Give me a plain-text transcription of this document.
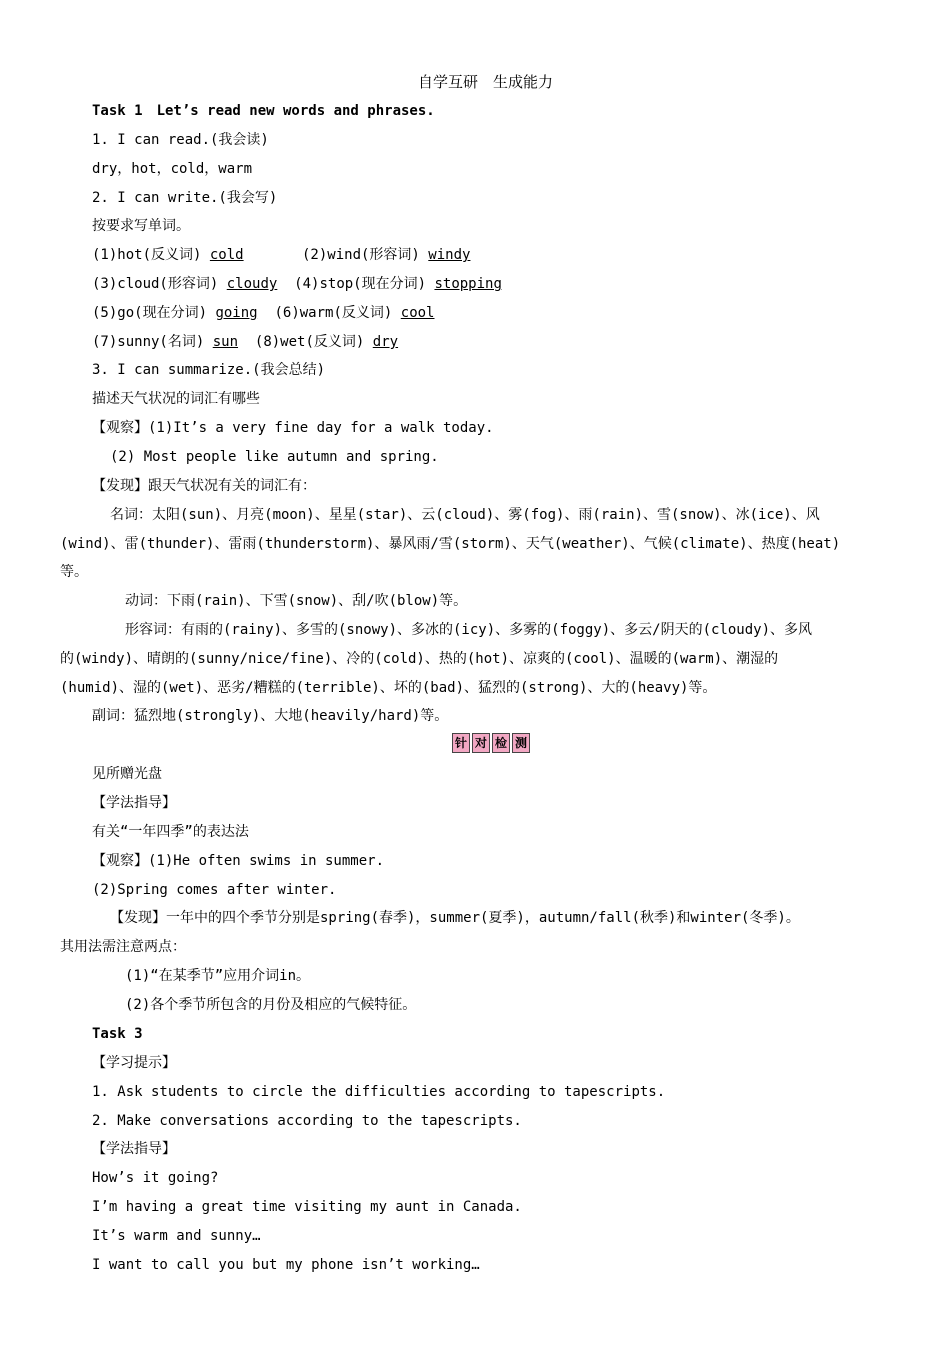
自学互研　生成能力
Task 1　Let’s read new words and phrases.
1. I can read.(我会读)
dry，hot，cold，warm
2. I can write.(我会写)
按要求写单词。
(1)hot(反义词) cold	(2)wind(形容词) windy
(3)cloud(形容词) cloudy (4)stop(现在分词) stopping
(5)go(现在分词) going (6)warm(反义词) cool
(7)sunny(名词) sun (8)wet(反义词) dry
3. I can summarize.(我会总结)
描述天气状况的词汇有哪些
【观察】(1)It’s a very fine day for a walk today.
(2) Most people like autumn and spring.
【发现】跟天气状况有关的词汇有：
名词：太阳(sun)、月亮(moon)、星星(star)、云(cloud)、雾(fog)、雨(rain)、雪(snow)、冰(ice)、风
(wind)、雷(thunder)、雷雨(thunderstorm)、暴风雨/雪(storm)、天气(weather)、气候(climate)、热度(heat)
等。
动词：下雨(rain)、下雪(snow)、刮/吹(blow)等。
形容词：有雨的(rainy)、多雪的(snowy)、多冰的(icy)、多雾的(foggy)、多云/阴天的(cloudy)、多风
的(windy)、晴朗的(sunny/nice/fine)、冷的(cold)、热的(hot)、凉爽的(cool)、温暖的(warm)、潮湿的
(humid)、湿的(wet)、恶劣/糟糕的(terrible)、坏的(bad)、猛烈的(strong)、大的(heavy)等。
副词：猛烈地(strongly)、大地(heavily/hard)等。
针 对 检 测
见所赠光盘
【学法指导】
有关“一年四季”的表达法
【观察】(1)He often swims in summer.
(2)Spring comes after winter.
【发现】一年中的四个季节分别是spring(春季)，summer(夏季)，autumn/fall(秋季)和winter(冬季)。
其用法需注意两点：
(1)“在某季节”应用介词in。
(2)各个季节所包含的月份及相应的气候特征。
Task 3
【学习提示】
1. Ask students to circle the difficulties according to tapescripts.
2. Make conversations according to the tapescripts.
【学法指导】
How’s it going?
I’m having a great time visiting my aunt in Canada.
It’s warm and sunny…
I want to call you but my phone isn’t working…
